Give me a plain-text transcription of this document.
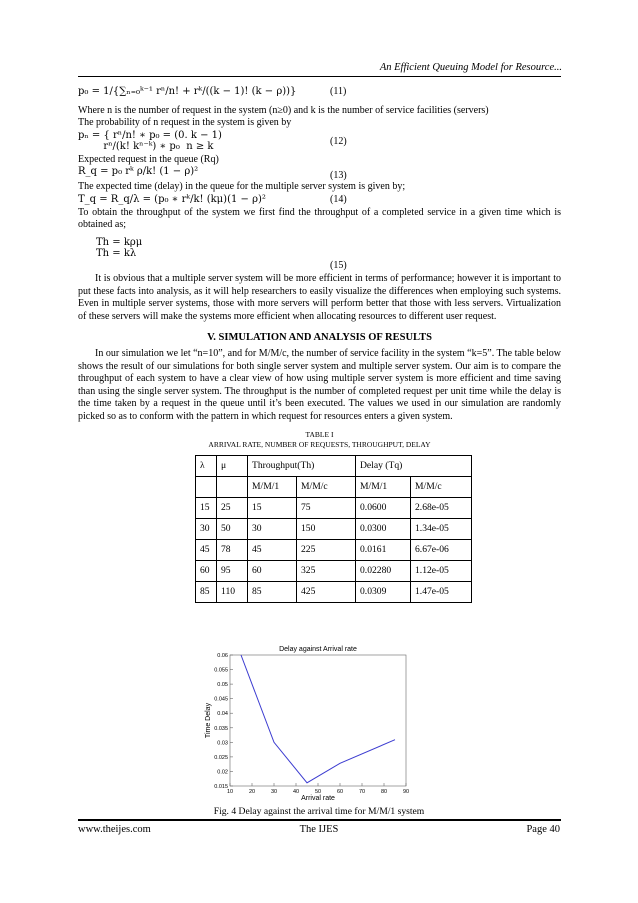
An Efficient Queuing Model for Resource...
p₀ = 1/{∑ₙ₌₀ᵏ⁻¹ rⁿ/n! + rᵏ/((k − 1)! (k − ρ))}	(11)

Where n is the number of request in the system (n≥0) and k is the number of service facilities (servers)

The probability of n request in the system is given by

pₙ = { rⁿ/n! ∗ p₀ = (0. k − 1)
rⁿ/(k! kⁿ⁻ᵏ) ∗ p₀  n ≥ k	(12)

Expected request in the queue (Rq)

R_q = p₀ rᵏ ρ/k! (1 − ρ)²	(13)

The expected time (delay) in the queue for the multiple server system is given by;

T_q = R_q/λ = (p₀ ∗ rᵏ/k! (kμ)(1 − ρ)²	(14)

To obtain the throughput of the system we first find the throughput of a completed service in a given time which is obtained as;

Th = kρμ
Th = kλ
(15)

It is obvious that a multiple server system will be more efficient in terms of performance; however it is important to put these facts into analysis, as it will help researchers to easily visualize the differences when employing such systems. Even in multiple server systems, those with more servers will perform better that those with less servers. Virtualization of these servers will make the systems more efficient when allocating resources to different user request.

V. SIMULATION AND ANALYSIS OF RESULTS

In our simulation we let “n=10”, and for M/M/c, the number of service facility in the system “k=5”. The table below shows the result of our simulations for both single server system and multiple server system. Our aim is to compare the throughput of each system to have a clear view of how using multiple server system is more efficient and time saving than using the single server system. The throughput is the number of completed request per unit time while the delay is the time taken by a request in the queue until it’s been executed. The values we used in our simulation are randomly picked so as to conform with the pattern in which request for resources enters a given system.

TABLE I
ARRIVAL RATE, NUMBER OF REQUESTS, THROUGHPUT, DELAY
λ	μ	Throughput(Th)		Delay (Tq)	
		M/M/1	M/M/c	M/M/1	M/M/c
15	25	15	75	0.0600	2.68e-05
30	50	30	150	0.0300	1.34e-05
45	78	45	225	0.0161	6.67e-06
60	95	60	325	0.02280	1.12e-05
85	110	85	425	0.0309	1.47e-05
10	20	30	40	50	60	70	80	90
0.015
0.02
0.025
0.03
0.035
0.04
0.045
0.05
0.055
0.06
Delay against Arrival rate
Arrival rate
Time Delay
Fig. 4 Delay against the arrival time for M/M/1 system
www.theijes.com	The IJES	Page 40
